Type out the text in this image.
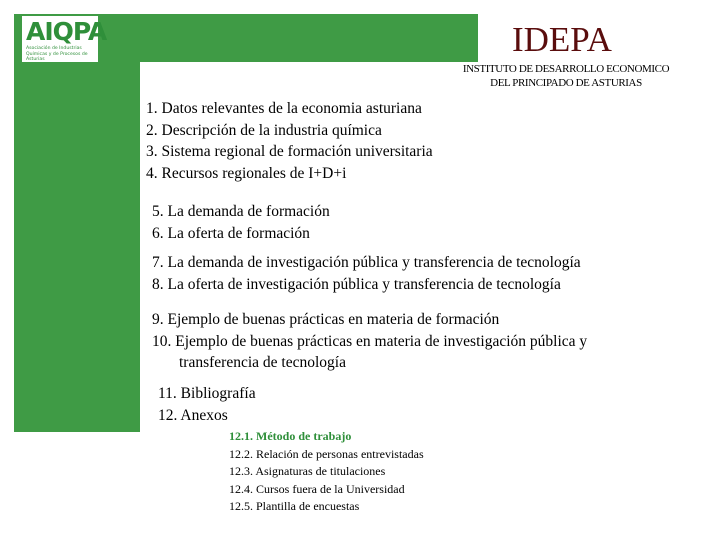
AIQPA
Asociación de Industrias Químicas y de Procesos de Asturias
IDEPA
INSTITUTO DE DESARROLLO ECONOMICO
DEL PRINCIPADO DE ASTURIAS
1. Datos relevantes de la economia asturiana
2. Descripción de la industria química
3. Sistema regional de formación universitaria
4. Recursos regionales de I+D+i
5. La demanda de formación
6. La oferta de formación
7. La demanda de investigación pública y transferencia de tecnología
8. La oferta de investigación pública y transferencia de tecnología
9. Ejemplo de buenas prácticas en materia de formación
10. Ejemplo de buenas prácticas en materia de investigación pública y
transferencia de tecnología
11. Bibliografía
12. Anexos
12.1. Método de trabajo
12.2. Relación de personas entrevistadas
12.3. Asignaturas de titulaciones
12.4. Cursos fuera de la Universidad
12.5. Plantilla de encuestas
